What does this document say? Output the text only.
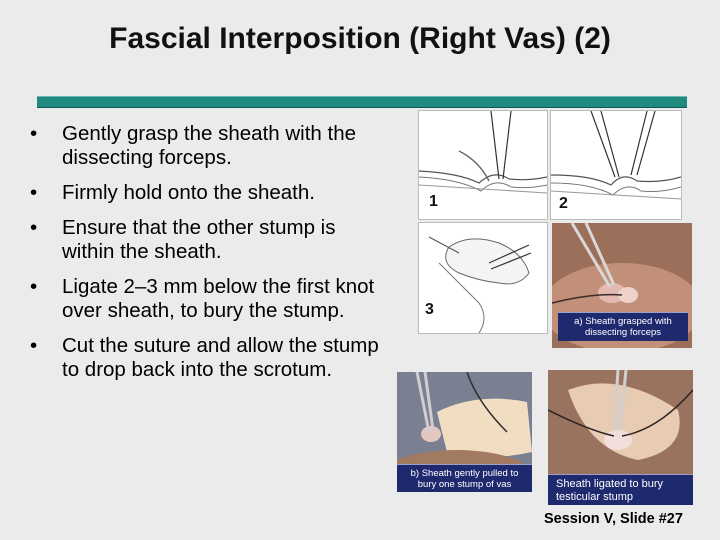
Fascial Interposition (Right Vas) (2)
• Gently grasp the sheath with the dissecting forceps.
• Firmly hold onto the sheath.
• Ensure that the other stump is within the sheath.
• Ligate 2–3 mm below the first knot over sheath, to bury the stump.
• Cut the suture and allow the stump to drop back into the scrotum.
1	2
3
a) Sheath grasped with dissecting forceps
b) Sheath gently pulled to bury one stump of vas	Sheath ligated to bury testicular stump
Session V, Slide #27
